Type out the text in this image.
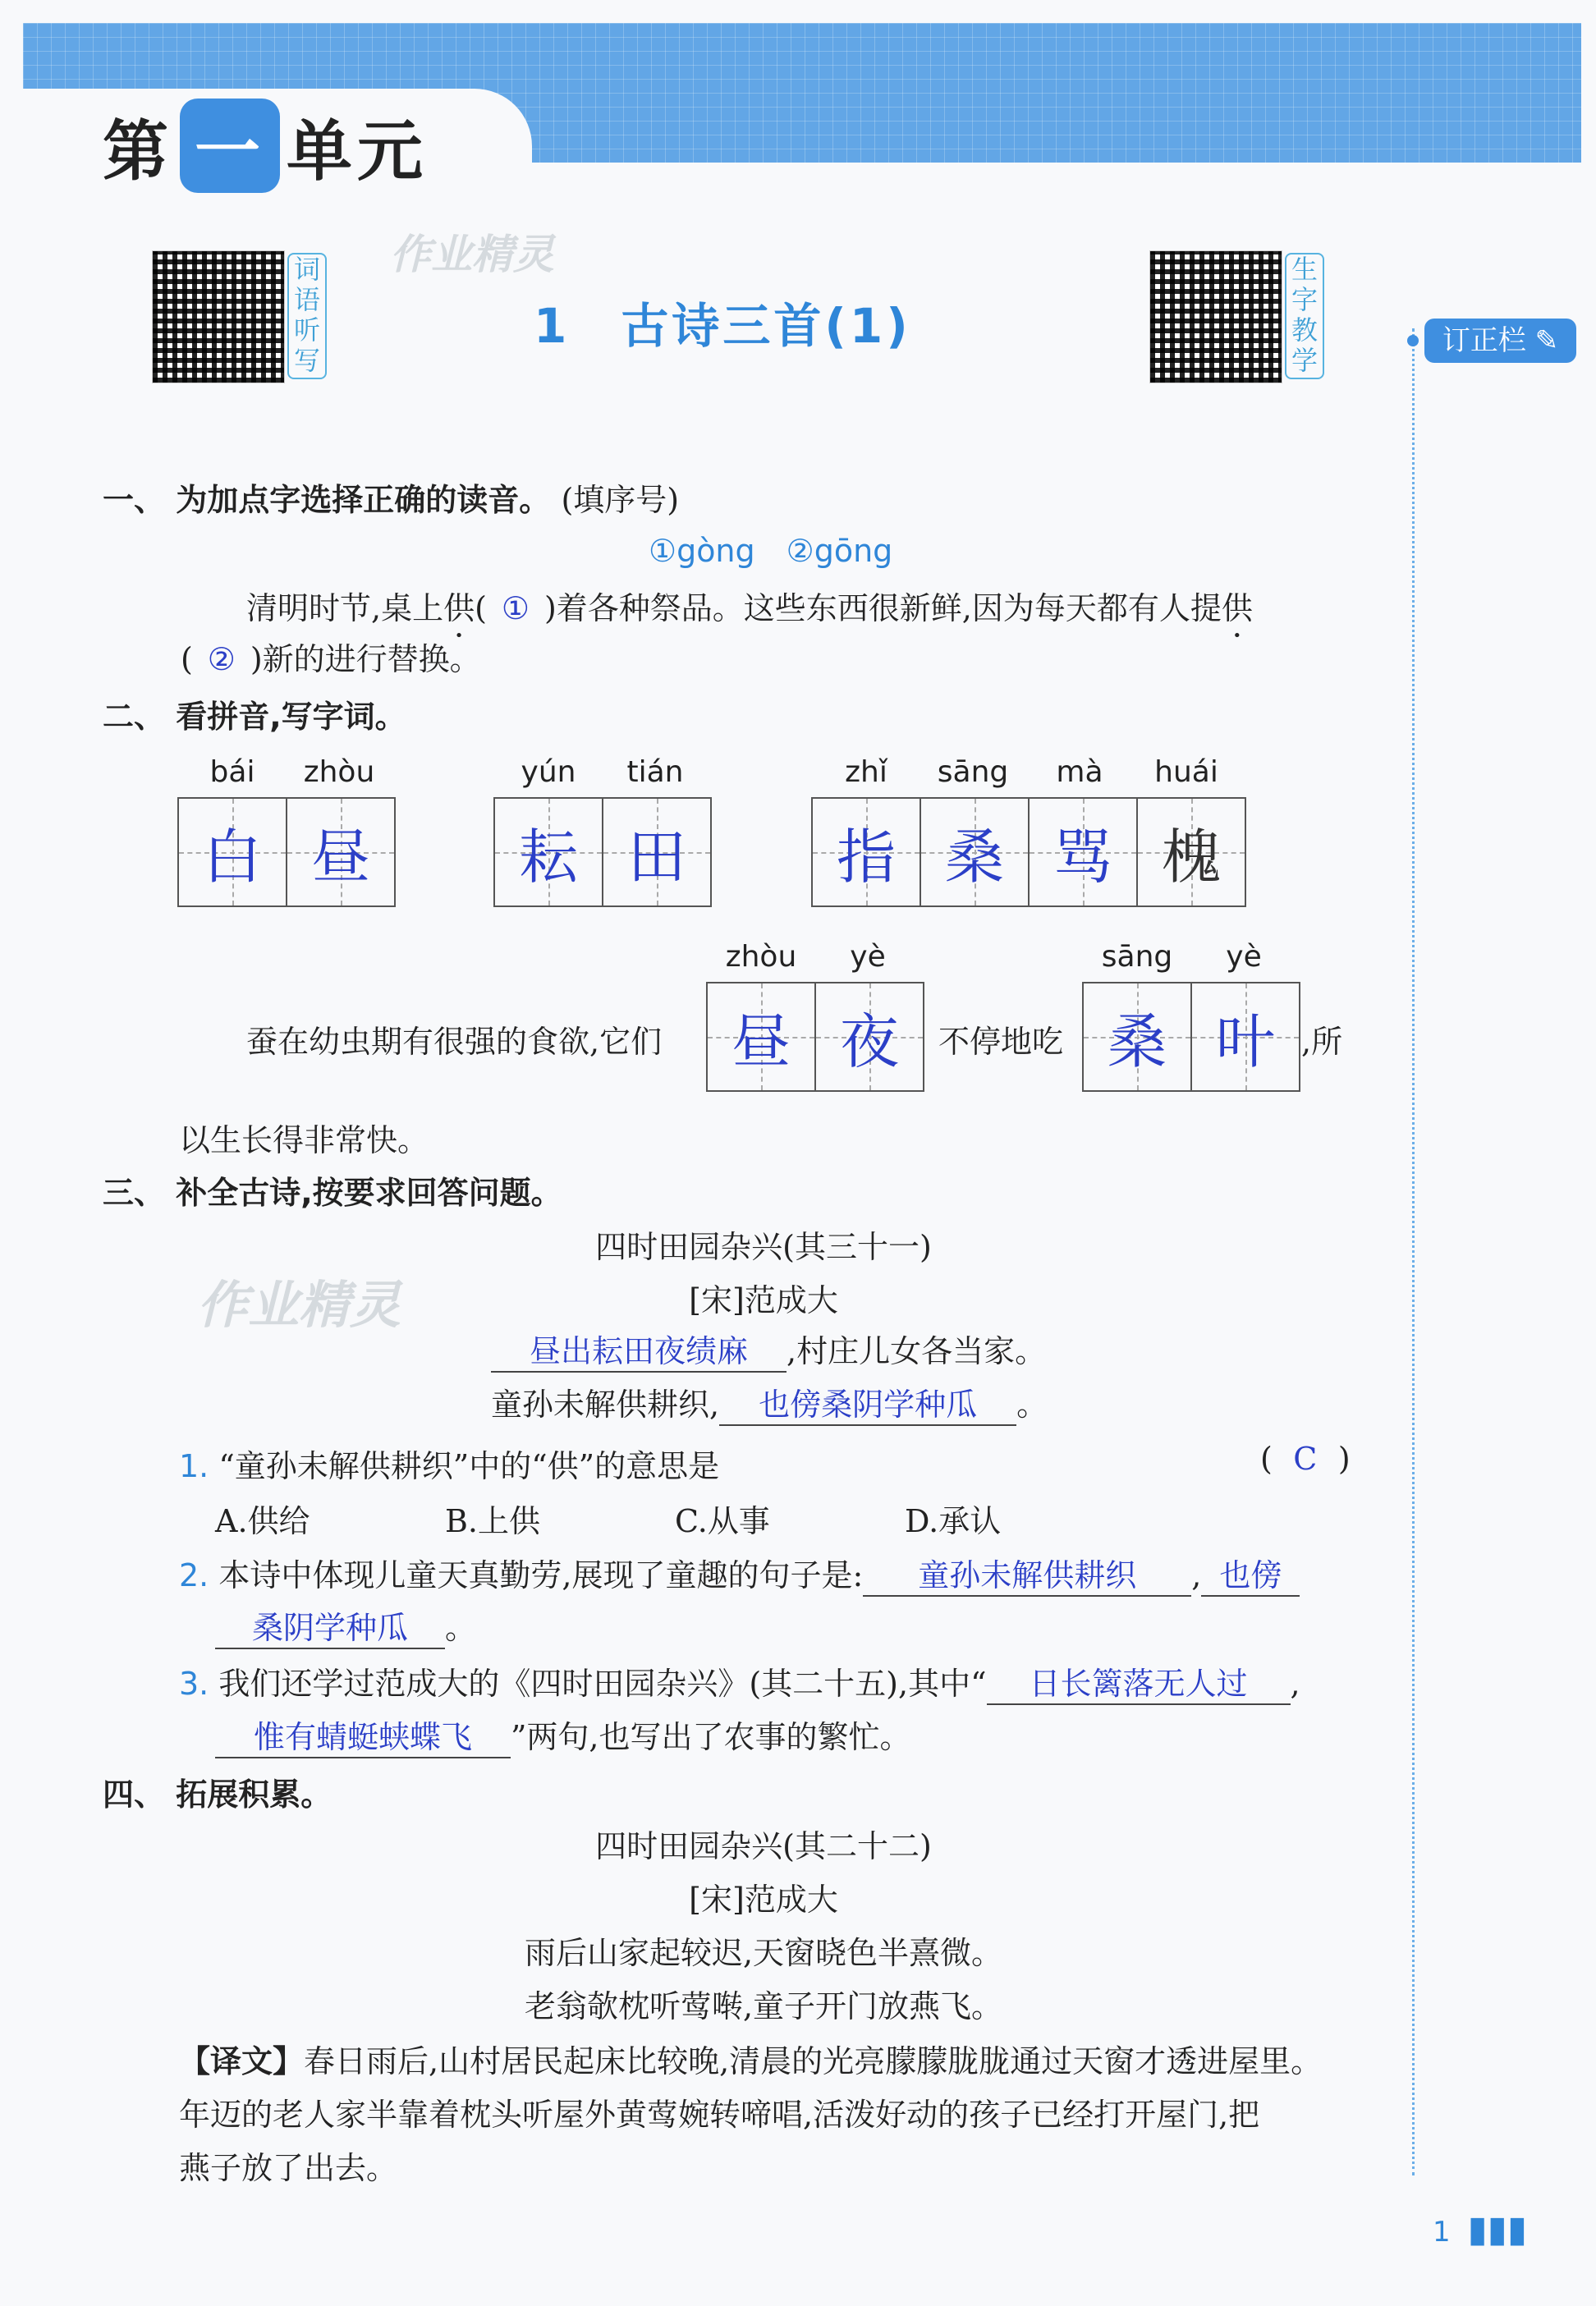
第 一 单元
词语听写
生字教学
作业精灵
1　 古诗三首(1)	订正栏 ✎
一、 为加点字选择正确的读音。 (填序号)
①gòng　②gōng
清明时节,桌上供( ① )着各种祭品。这些东西很新鲜,因为每天都有人提供
( ② )新的进行替换。
二、 看拼音,写字词。
bái	zhòu
白 昼
yún	tián
耘 田
zhǐ	sāng	mà	huái
指 桑 骂 槐
蚕在幼虫期有很强的食欲,它们
zhòu	yè
昼 夜 不停地吃
sāng	yè
桑 叶 ,所
以生长得非常快。
三、 补全古诗,按要求回答问题。
作业精灵
四时田园杂兴(其三十一)
[宋]范成大
昼出耘田夜绩麻 ,村庄儿女各当家。
童孙未解供耕织, 也傍桑阴学种瓜 。
1. “童孙未解供耕织”中的“供”的意思是	( C )
A.供给	B.上供	C.从事	D.承认
2. 本诗中体现儿童天真勤劳,展现了童趣的句子是: 童孙未解供耕织 , 也傍
桑阴学种瓜 。
3. 我们还学过范成大的《四时田园杂兴》(其二十五),其中“ 日长篱落无人过 ,
惟有蜻蜓蛱蝶飞 ”两句,也写出了农事的繁忙。
四、 拓展积累。
四时田园杂兴(其二十二)
[宋]范成大
雨后山家起较迟,天窗晓色半熹微。
老翁欹枕听莺啭,童子开门放燕飞。
【译文】春日雨后,山村居民起床比较晚,清晨的光亮朦朦胧胧通过天窗才透进屋里。
年迈的老人家半靠着枕头听屋外黄莺婉转啼唱,活泼好动的孩子已经打开屋门,把
燕子放了出去。
1 ▮▮▮
